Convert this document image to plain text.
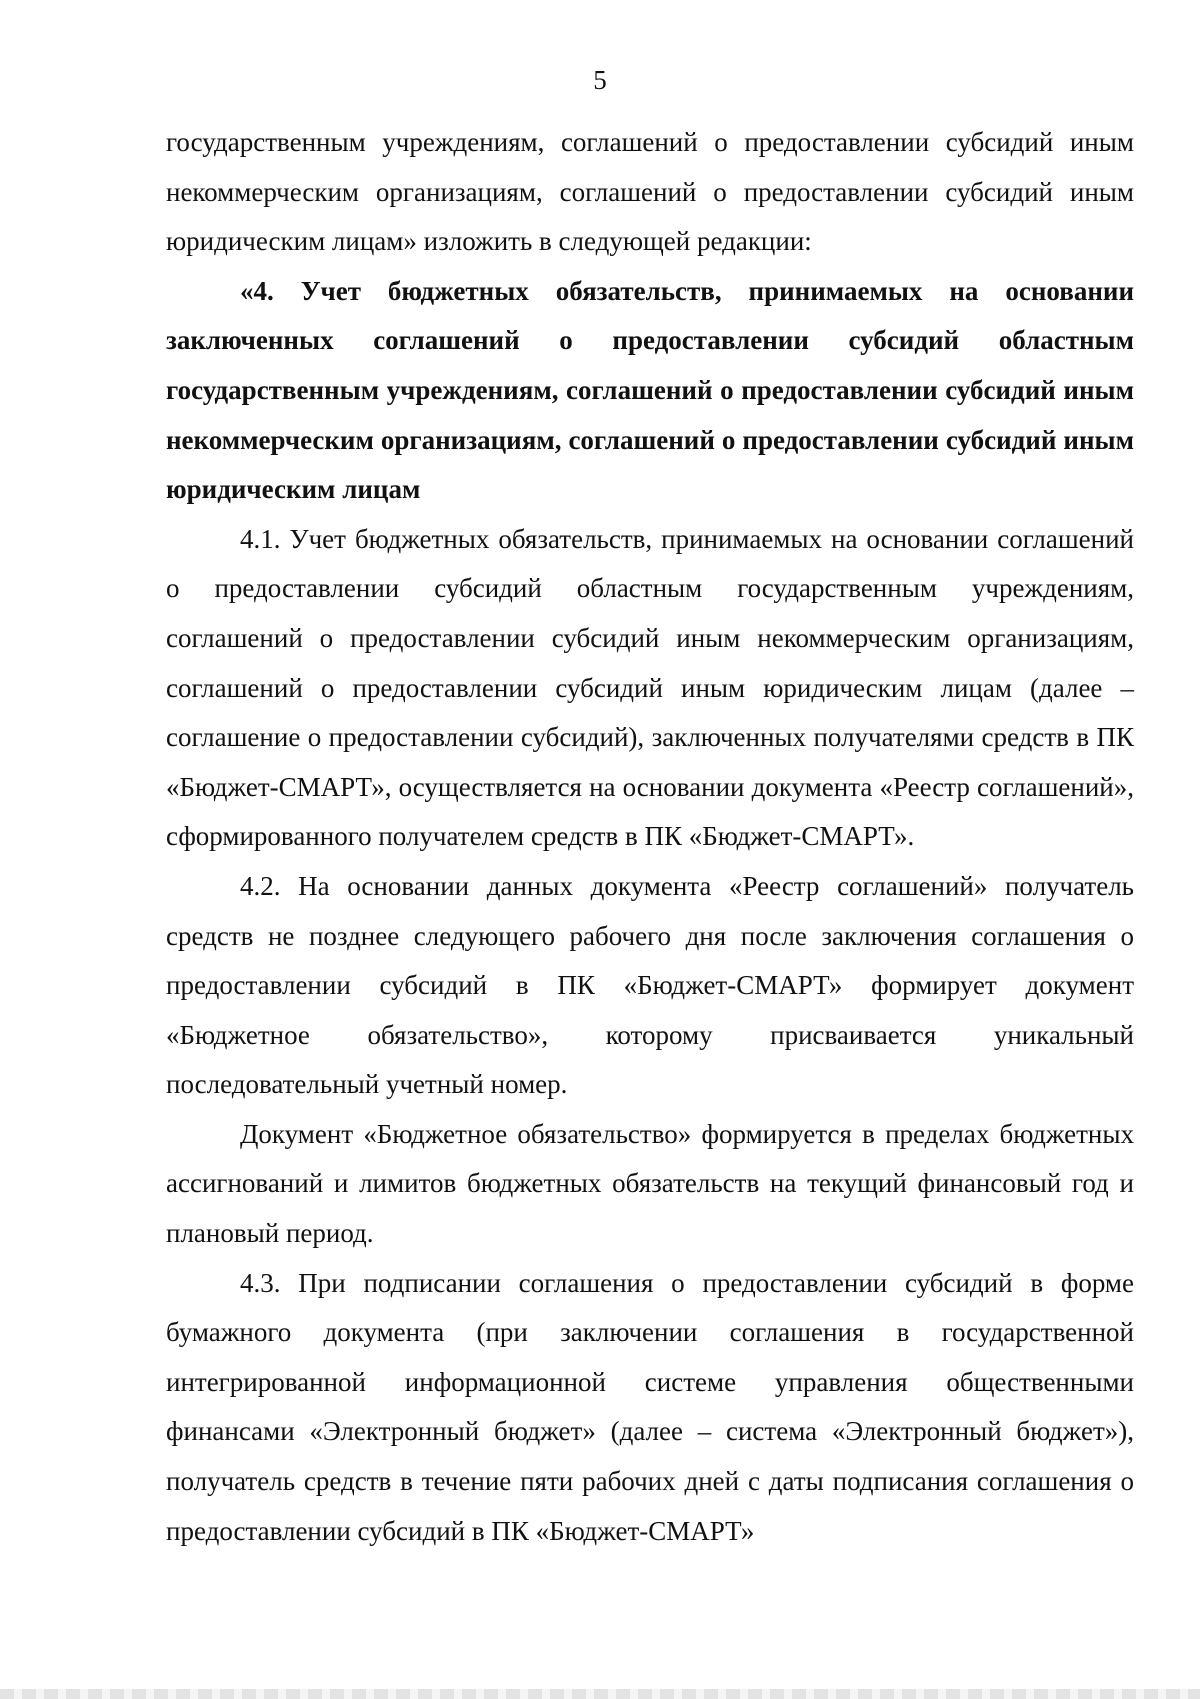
5

государственным учреждениям, соглашений о предоставлении субсидий иным некоммерческим организациям, соглашений о предоставлении субсидий иным юридическим лицам» изложить в следующей редакции:

«4. Учет бюджетных обязательств, принимаемых на основании заключенных соглашений о предоставлении субсидий областным государственным учреждениям, соглашений о предоставлении субсидий иным некоммерческим организациям, соглашений о предоставлении субсидий иным юридическим лицам

4.1. Учет бюджетных обязательств, принимаемых на основании соглашений о предоставлении субсидий областным государственным учреждениям, соглашений о предоставлении субсидий иным некоммерческим организациям, соглашений о предоставлении субсидий иным юридическим лицам (далее – соглашение о предоставлении субсидий), заключенных получателями средств в ПК «Бюджет-СМАРТ», осуществляется на основании документа «Реестр соглашений», сформированного получателем средств в ПК «Бюджет-СМАРТ».

4.2. На основании данных документа «Реестр соглашений» получатель средств не позднее следующего рабочего дня после заключения соглашения о предоставлении субсидий в ПК «Бюджет-СМАРТ» формирует документ «Бюджетное обязательство», которому присваивается уникальный последовательный учетный номер.

Документ «Бюджетное обязательство» формируется в пределах бюджетных ассигнований и лимитов бюджетных обязательств на текущий финансовый год и плановый период.

4.3. При подписании соглашения о предоставлении субсидий в форме бумажного документа (при заключении соглашения в государственной интегрированной информационной системе управления общественными финансами «Электронный бюджет» (далее – система «Электронный бюджет»), получатель средств в течение пяти рабочих дней с даты подписания соглашения о предоставлении субсидий в ПК «Бюджет-СМАРТ»
